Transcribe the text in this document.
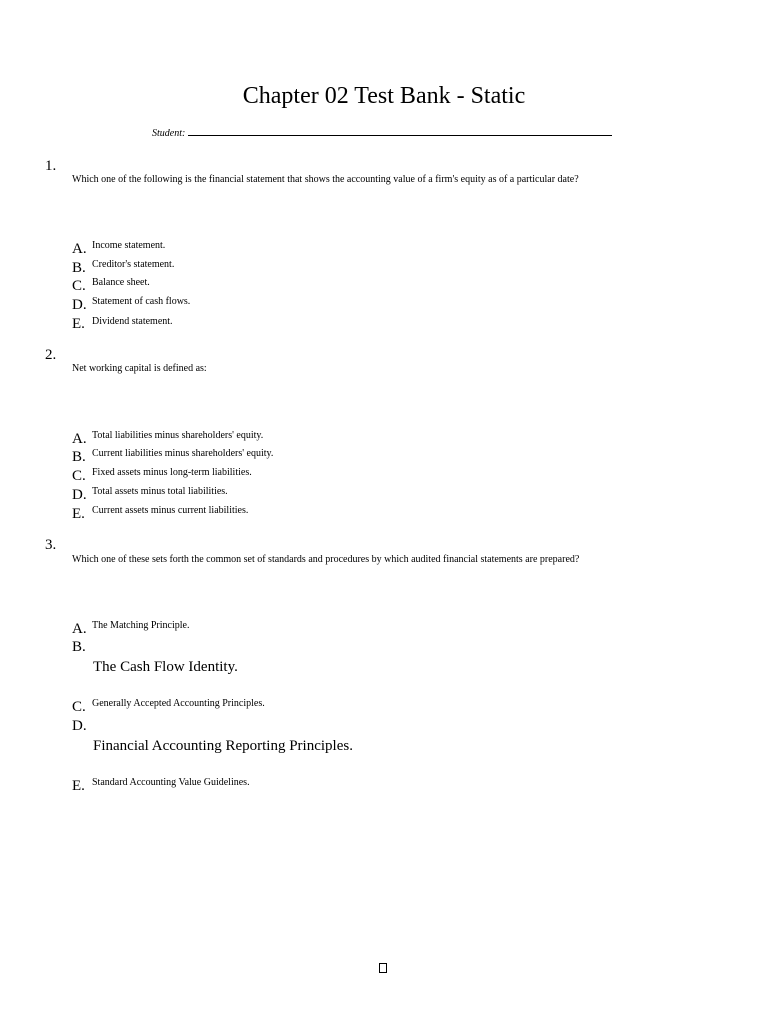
Chapter 02 Test Bank - Static
Student:
1.
Which one of the following is the financial statement that shows the accounting value of a firm's equity as of a particular date?
A. Income statement.
B. Creditor's statement.
C. Balance sheet.
D. Statement of cash flows.
E. Dividend statement.
2.
Net working capital is defined as:
A. Total liabilities minus shareholders' equity.
B. Current liabilities minus shareholders' equity.
C. Fixed assets minus long-term liabilities.
D. Total assets minus total liabilities.
E. Current assets minus current liabilities.
3.
Which one of these sets forth the common set of standards and procedures by which audited financial statements are prepared?
A. The Matching Principle.
B.
The Cash Flow Identity.
C. Generally Accepted Accounting Principles.
D.
Financial Accounting Reporting Principles.
E. Standard Accounting Value Guidelines.
